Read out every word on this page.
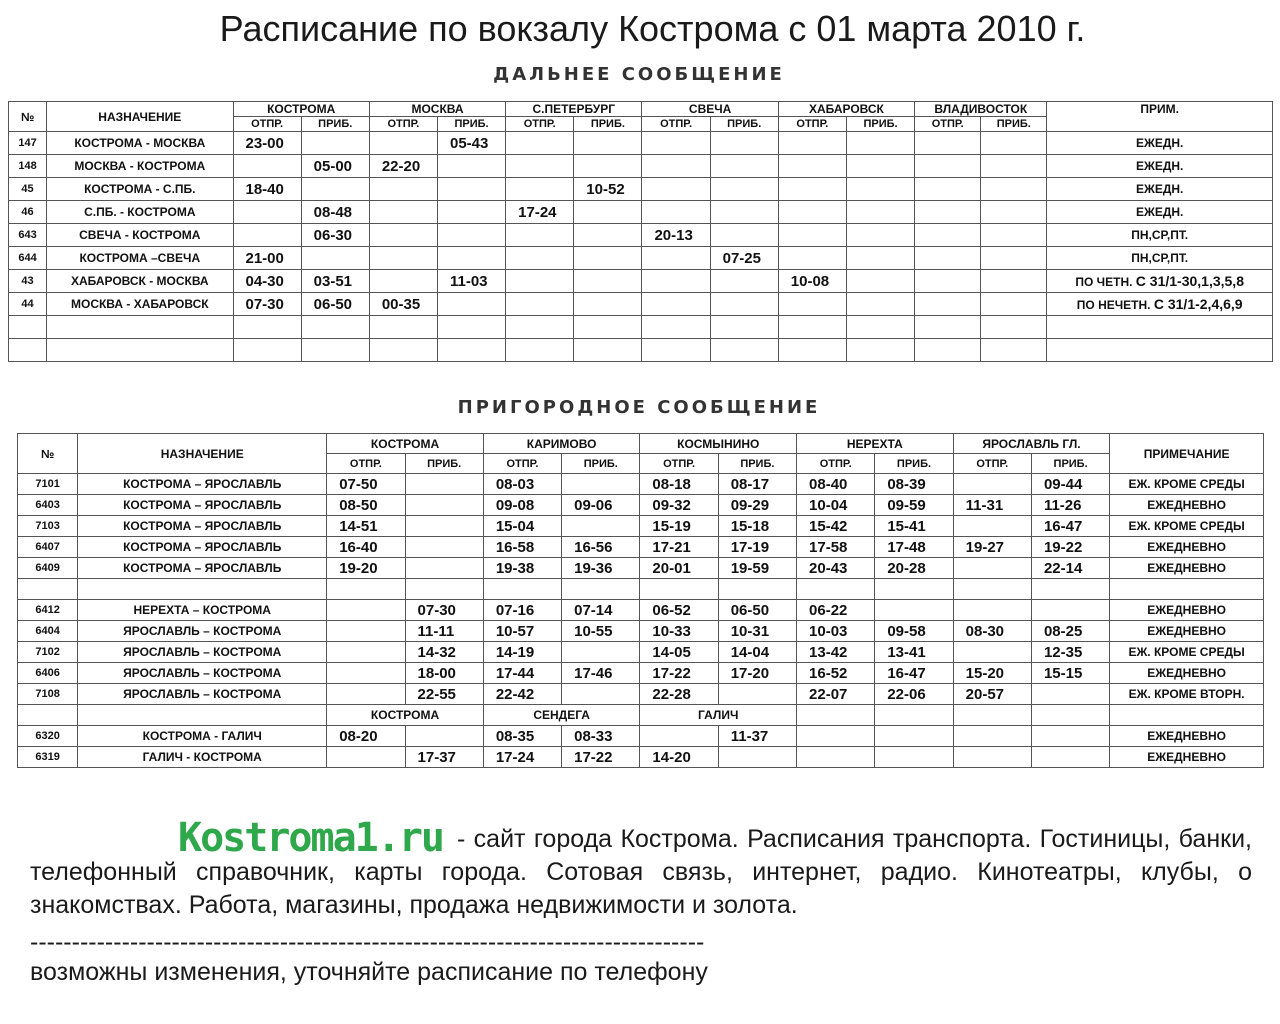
Расписание по вокзалу Кострома с 01 марта 2010 г.
ДАЛЬНЕЕ СООБЩЕНИЕ
№	НАЗНАЧЕНИЕ	КОСТРОМА		МОСКВА		С.ПЕТЕРБУРГ		СВЕЧА		ХАБАРОВСК		ВЛАДИВОСТОК		ПРИМ.
		ОТПР.	ПРИБ.	ОТПР.	ПРИБ.	ОТПР.	ПРИБ.	ОТПР.	ПРИБ.	ОТПР.	ПРИБ.	ОТПР.	ПРИБ.	
147	КОСТРОМА - МОСКВА	23-00			05-43									ЕЖЕДН.
148	МОСКВА - КОСТРОМА		05-00	22-20										ЕЖЕДН.
45	КОСТРОМА - С.ПБ.	18-40					10-52							ЕЖЕДН.
46	С.ПБ. - КОСТРОМА		08-48			17-24								ЕЖЕДН.
643	СВЕЧА - КОСТРОМА		06-30					20-13						ПН,СР,ПТ.
644	КОСТРОМА –СВЕЧА	21-00							07-25					ПН,СР,ПТ.
43	ХАБАРОВСК - МОСКВА	04-30	03-51		11-03					10-08				ПО ЧЕТН. С 31/1-30,1,3,5,8
44	МОСКВА - ХАБАРОВСК	07-30	06-50	00-35										ПО НЕЧЕТН. С 31/1-2,4,6,9

ПРИГОРОДНОЕ СООБЩЕНИЕ
№	НАЗНАЧЕНИЕ	КОСТРОМА		КАРИМОВО		КОСМЫНИНО		НЕРЕХТА		ЯРОСЛАВЛЬ ГЛ.		ПРИМЕЧАНИЕ
		ОТПР.	ПРИБ.	ОТПР.	ПРИБ.	ОТПР.	ПРИБ.	ОТПР.	ПРИБ.	ОТПР.	ПРИБ.	
7101	КОСТРОМА – ЯРОСЛАВЛЬ	07-50		08-03		08-18	08-17	08-40	08-39		09-44	ЕЖ. КРОМЕ СРЕДЫ
6403	КОСТРОМА – ЯРОСЛАВЛЬ	08-50		09-08	09-06	09-32	09-29	10-04	09-59	11-31	11-26	ЕЖЕДНЕВНО
7103	КОСТРОМА – ЯРОСЛАВЛЬ	14-51		15-04		15-19	15-18	15-42	15-41		16-47	ЕЖ. КРОМЕ СРЕДЫ
6407	КОСТРОМА – ЯРОСЛАВЛЬ	16-40		16-58	16-56	17-21	17-19	17-58	17-48	19-27	19-22	ЕЖЕДНЕВНО
6409	КОСТРОМА – ЯРОСЛАВЛЬ	19-20		19-38	19-36	20-01	19-59	20-43	20-28		22-14	ЕЖЕДНЕВНО

6412	НЕРЕХТА – КОСТРОМА		07-30	07-16	07-14	06-52	06-50	06-22				ЕЖЕДНЕВНО
6404	ЯРОСЛАВЛЬ – КОСТРОМА		11-11	10-57	10-55	10-33	10-31	10-03	09-58	08-30	08-25	ЕЖЕДНЕВНО
7102	ЯРОСЛАВЛЬ – КОСТРОМА		14-32	14-19		14-05	14-04	13-42	13-41		12-35	ЕЖ. КРОМЕ СРЕДЫ
6406	ЯРОСЛАВЛЬ – КОСТРОМА		18-00	17-44	17-46	17-22	17-20	16-52	16-47	15-20	15-15	ЕЖЕДНЕВНО
7108	ЯРОСЛАВЛЬ – КОСТРОМА		22-55	22-42		22-28		22-07	22-06	20-57		ЕЖ. КРОМЕ ВТОРН.
		КОСТРОМА		СЕНДЕГА		ГАЛИЧ						
6320	КОСТРОМА - ГАЛИЧ	08-20		08-35	08-33		11-37					ЕЖЕДНЕВНО
6319	ГАЛИЧ - КОСТРОМА		17-37	17-24	17-22	14-20						ЕЖЕДНЕВНО
Kostroma1.ru - сайт города Кострома. Расписания транспорта. Гостиницы, банки, телефонный справочник, карты города. Сотовая связь, интернет, радио. Кинотеатры, клубы, о знакомствах. Работа, магазины, продажа недвижимости и золота.
---------------------------------------------------------------------------------
возможны изменения, уточняйте расписание по телефону
